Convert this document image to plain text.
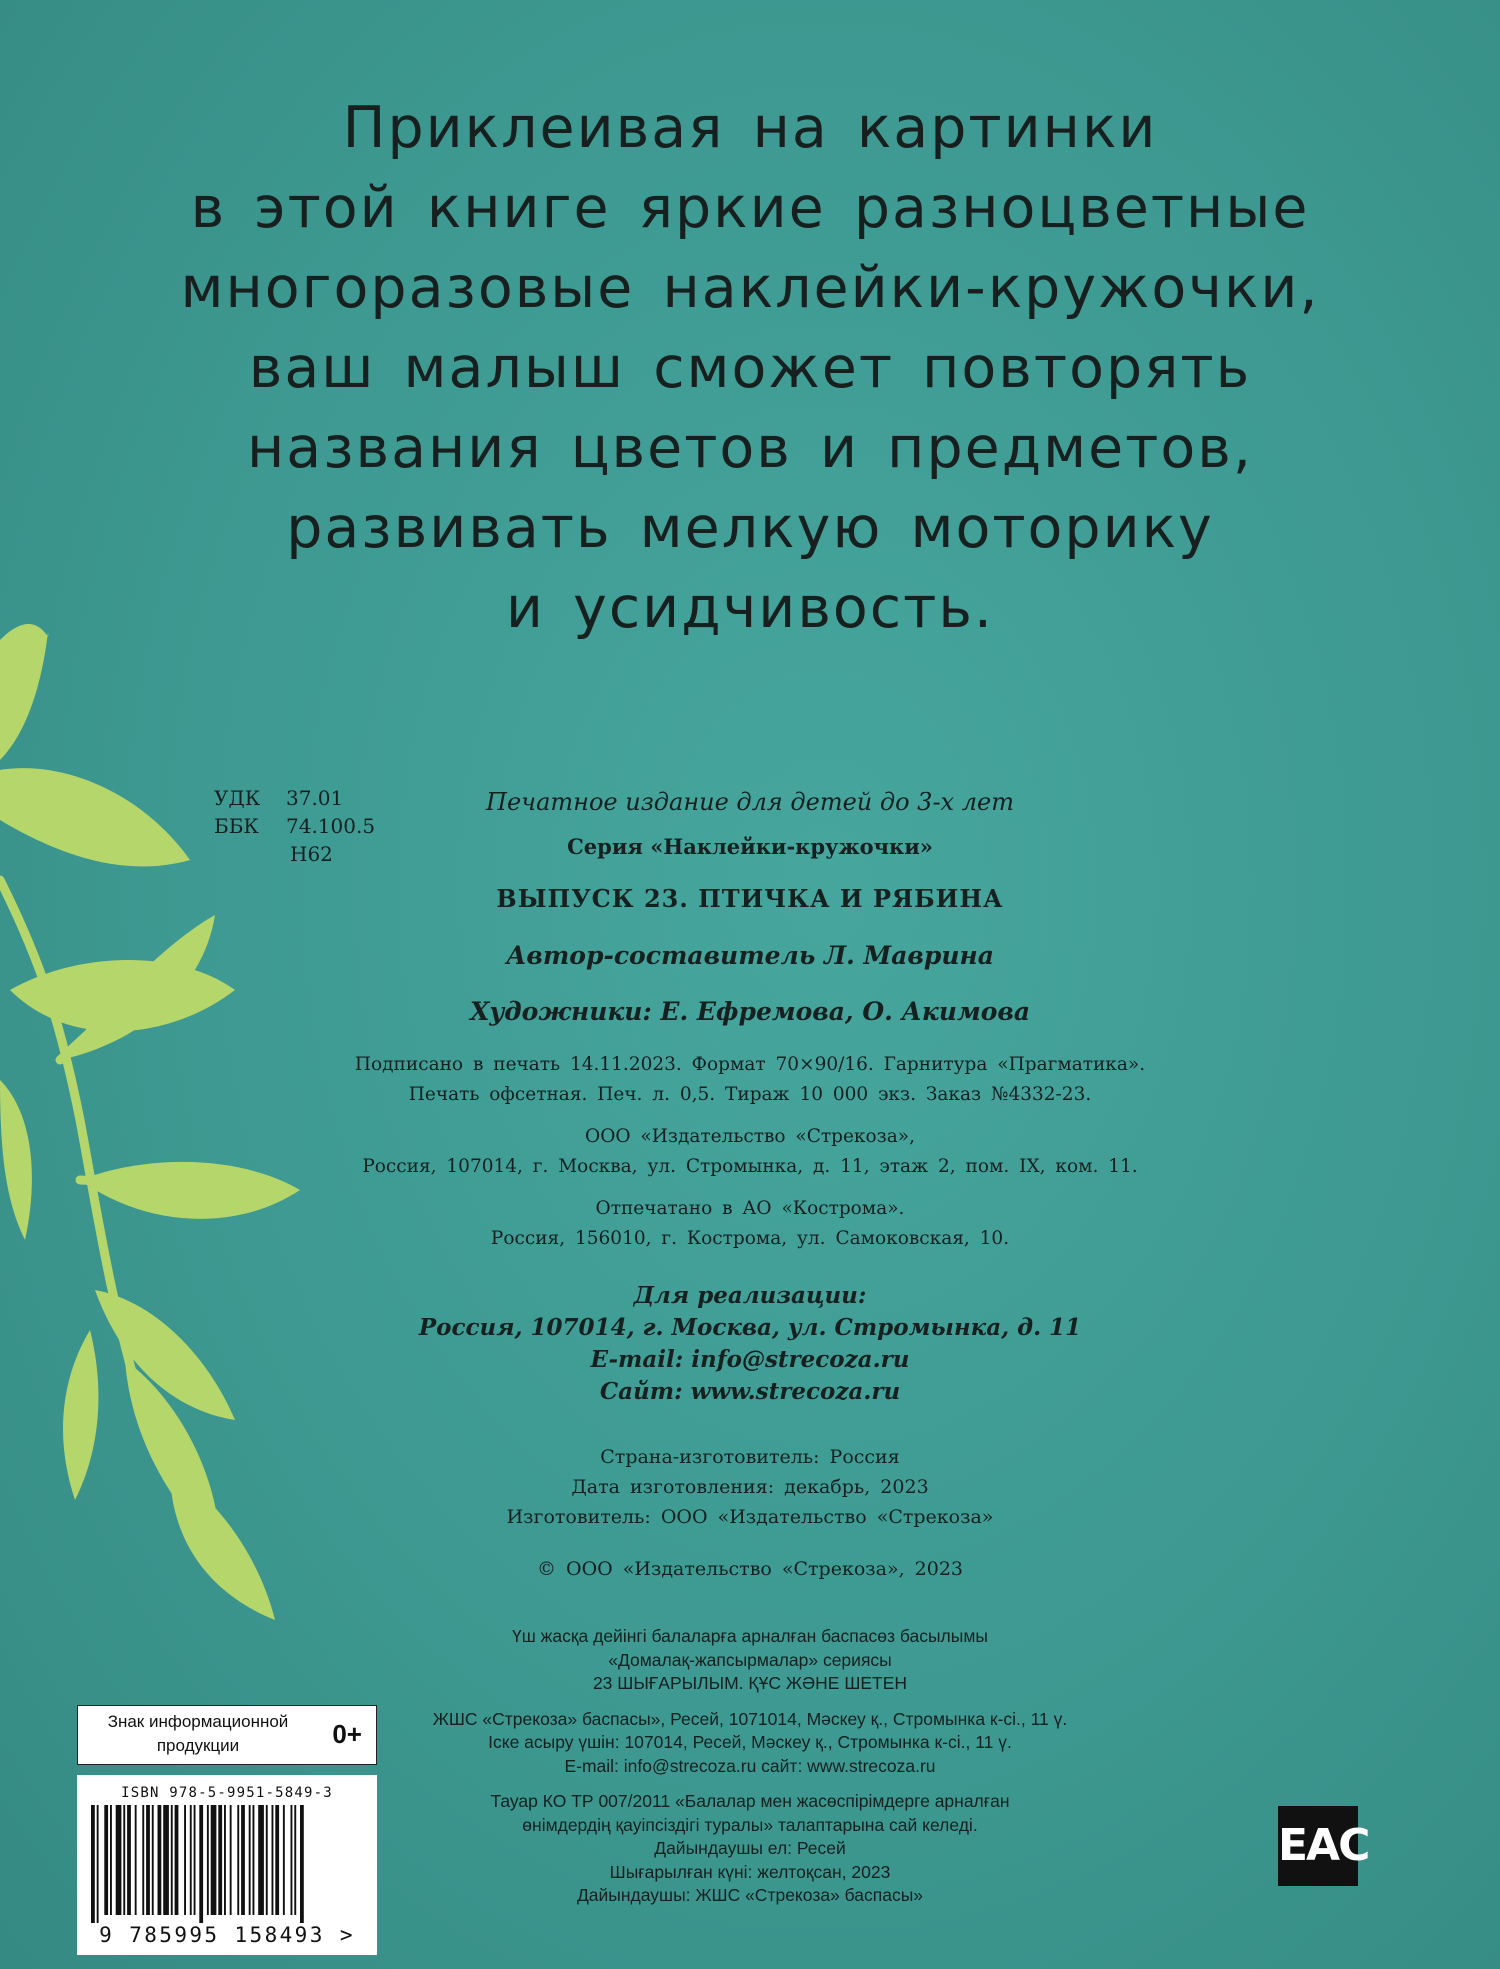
Приклеивая на картинки
в этой книге яркие разноцветные
многоразовые наклейки-кружочки,
ваш малыш сможет повторять
названия цветов и предметов,
развивать мелкую моторику
и усидчивость.
УДК	37.01
ББК	74.100.5
Н62
Печатное издание для детей до 3-х лет
Серия «Наклейки-кружочки»
ВЫПУСК 23. ПТИЧКА И РЯБИНА
Автор-составитель Л. Маврина
Художники: Е. Ефремова, О. Акимова
Подписано в печать 14.11.2023. Формат 70×90/16. Гарнитура «Прагматика».
Печать офсетная. Печ. л. 0,5. Тираж 10 000 экз. Заказ №4332-23.
ООО «Издательство «Стрекоза»,
Россия, 107014, г. Москва, ул. Стромынка, д. 11, этаж 2, пом. IX, ком. 11.
Отпечатано в АО «Кострома».
Россия, 156010, г. Кострома, ул. Самоковская, 10.
Для реализации:
Россия, 107014, г. Москва, ул. Стромынка, д. 11
E-mail: info@strecoza.ru
Сайт: www.strecoza.ru
Страна-изготовитель: Россия
Дата изготовления: декабрь, 2023
Изготовитель: ООО «Издательство «Стрекоза»
© ООО «Издательство «Стрекоза», 2023
Үш жасқа дейінгі балаларға арналған баспасөз басылымы
«Домалақ-жапсырмалар» сериясы
23 ШЫҒАРЫЛЫМ. ҚҰС ЖӘНЕ ШЕТЕН
ЖШС «Стрекоза» баспасы», Ресей, 1071014, Мәскеу қ., Стромынка к-сі., 11 ү.
Іске асыру үшін: 107014, Ресей, Мәскеу қ., Стромынка к-сі., 11 ү.
E-mail: info@strecoza.ru сайт: www.strecoza.ru
Тауар КО ТР 007/2011 «Балалар мен жасөспірімдерге арналған
өнімдердің қауіпсіздігі туралы» талаптарына сай келеді.
Дайындаушы ел: Ресей
Шығарылған күні: желтоқсан, 2023
Дайындаушы: ЖШС «Стрекоза» баспасы»
Знак информационной
продукции	0+
ISBN 978-5-9951-5849-3
9 785995 158493 >
EAC
